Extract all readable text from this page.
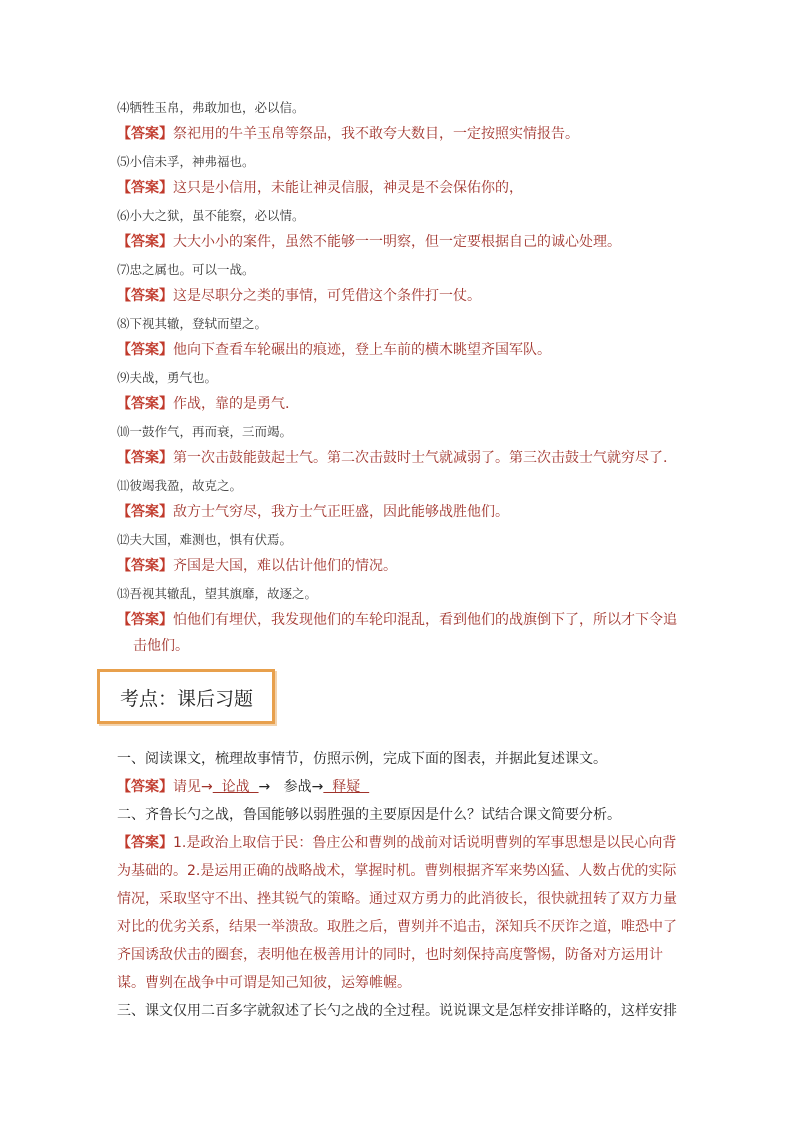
⑷牺牲玉帛，弗敢加也，必以信。
【答案】祭祀用的牛羊玉帛等祭品，我不敢夸大数目，一定按照实情报告。
⑸小信未孚，神弗福也。
【答案】这只是小信用，未能让神灵信服，神灵是不会保佑你的，
⑹小大之狱，虽不能察，必以情。
【答案】大大小小的案件，虽然不能够一一明察，但一定要根据自己的诚心处理。
⑺忠之属也。可以一战。
【答案】这是尽职分之类的事情，可凭借这个条件打一仗。
⑻下视其辙，登轼而望之。
【答案】他向下查看车轮碾出的痕迹，登上车前的横木眺望齐国军队。
⑼夫战，勇气也。
【答案】作战，靠的是勇气.
⑽一鼓作气，再而衰，三而竭。
【答案】第一次击鼓能鼓起士气。第二次击鼓时士气就减弱了。第三次击鼓士气就穷尽了.
⑾彼竭我盈，故克之。
【答案】敌方士气穷尽，我方士气正旺盛，因此能够战胜他们。
⑿夫大国，难测也，惧有伏焉。
【答案】齐国是大国，难以估计他们的情况。
⒀吾视其辙乱，望其旗靡，故逐之。
【答案】怕他们有埋伏，我发现他们的车轮印混乱，看到他们的战旗倒下了，所以才下令追击他们。
考点：课后习题
一、阅读课文，梳理故事情节，仿照示例，完成下面的图表，并据此复述课文。
【答案】请见→  论战  →   参战→  释疑
二、齐鲁长勺之战，鲁国能够以弱胜强的主要原因是什么？试结合课文简要分析。
【答案】1.是政治上取信于民：鲁庄公和曹刿的战前对话说明曹刿的军事思想是以民心向背为基础的。2.是运用正确的战略战术，掌握时机。曹刿根据齐军来势凶猛、人数占优的实际情况，采取坚守不出、挫其锐气的策略。通过双方勇力的此消彼长，很快就扭转了双方力量对比的优劣关系，结果一举溃敌。取胜之后，曹刿并不追击，深知兵不厌诈之道，唯恐中了齐国诱敌伏击的圈套，表明他在极善用计的同时，也时刻保持高度警惕，防备对方运用计谋。曹刿在战争中可谓是知己知彼，运筹帷幄。
三、课文仅用二百多字就叙述了长勺之战的全过程。说说课文是怎样安排详略的，这样安排
